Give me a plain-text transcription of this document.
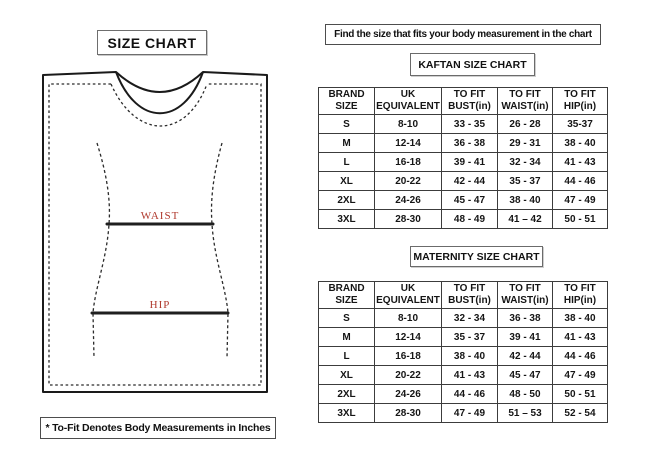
SIZE CHART
WAIST
HIP
* To-Fit Denotes Body Measurements in Inches
Find the size that fits your body measurement in the chart
KAFTAN SIZE CHART
BRAND
SIZE

UK
EQUIVALENT

TO FIT
BUST(in)

TO FIT
WAIST(in)

TO FIT
HIP(in)

S	8-10	33 - 35	26 - 28	35-37
M	12-14	36 - 38	29 - 31	38 - 40
L	16-18	39 - 41	32 - 34	41 - 43
XL	20-22	42 - 44	35 - 37	44 - 46
2XL	24-26	45 - 47	38 - 40	47 - 49
3XL	28-30	48 - 49	41 – 42	50 - 51
MATERNITY SIZE CHART
BRAND
SIZE

UK
EQUIVALENT

TO FIT
BUST(in)

TO FIT
WAIST(in)

TO FIT
HIP(in)

S	8-10	32 - 34	36 - 38	38 - 40
M	12-14	35 - 37	39 - 41	41 - 43
L	16-18	38 - 40	42 - 44	44 - 46
XL	20-22	41 - 43	45 - 47	47 - 49
2XL	24-26	44 - 46	48 - 50	50 - 51
3XL	28-30	47 - 49	51 – 53	52 - 54
